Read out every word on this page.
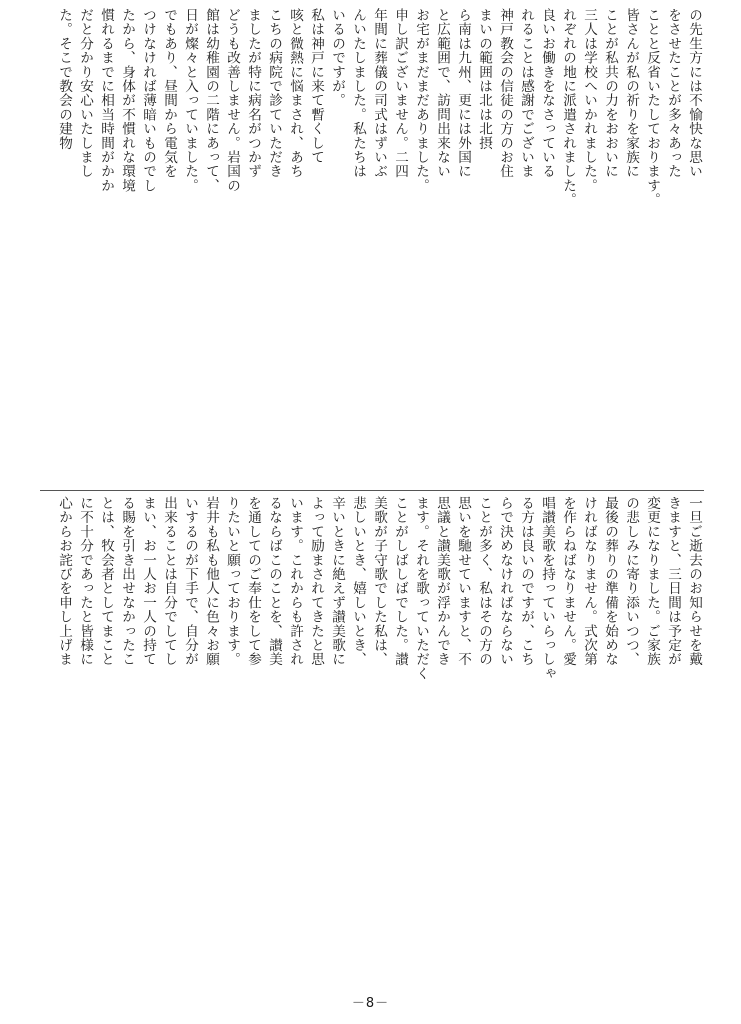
の先生方には不愉快な思い
をさせたことが多々あった
ことと反省いたしております。
皆さんが私の祈りを家族に
ことが私共の力をおおいに
三人は学校へいかれました。
れぞれの地に派遣されました。
良いお働きをなさっている
れることは感謝でございま
神戸教会の信徒の方のお住
まいの範囲は北は北摂
ら南は九州、更には外国に
と広範囲で、訪問出来ない
お宅がまだまだありました。
申し訳ございません。二四
年間に葬儀の司式はずいぶ
んいたしました。私たちは
いるのですが。
私は神戸に来て暫くして
咳と微熱に悩まされ、あち
こちの病院で診ていただき
ましたが特に病名がつかず
どうも改善しません。岩国の
館は幼稚園の二階にあって、
日が燦々と入っていました。
でもあり、昼間から電気を
つけなければ薄暗いものでし
たから、身体が不慣れな環境
慣れるまでに相当時間がかか
だと分かり安心いたしまし
た。そこで教会の建物
一旦ご逝去のお知らせを戴
きますと、三日間は予定が
変更になりました。ご家族
の悲しみに寄り添いつつ、
最後の葬りの準備を始めな
ければなりません。式次第
を作らねばなりません。愛
唱讃美歌を持っていらっしゃ
る方は良いのですが、こち
らで決めなければならない
ことが多く、私はその方の
思いを馳せていますと、不
思議と讃美歌が浮かんでき
ます。それを歌っていただく
ことがしばしばでした。讃
美歌が子守歌でした私は、
悲しいとき、嬉しいとき、
辛いときに絶えず讃美歌に
よって励まされてきたと思
います。これからも許され
るならばこのことを、讃美
を通してのご奉仕をして参
りたいと願っております。
岩井も私も他人に色々お願
いするのが下手で、自分が
出来ることは自分でしてし
まい、お一人お一人の持て
る賜を引き出せなかったこ
とは、牧会者としてまこと
に不十分であったと皆様に
心からお詫びを申し上げま
－8－
